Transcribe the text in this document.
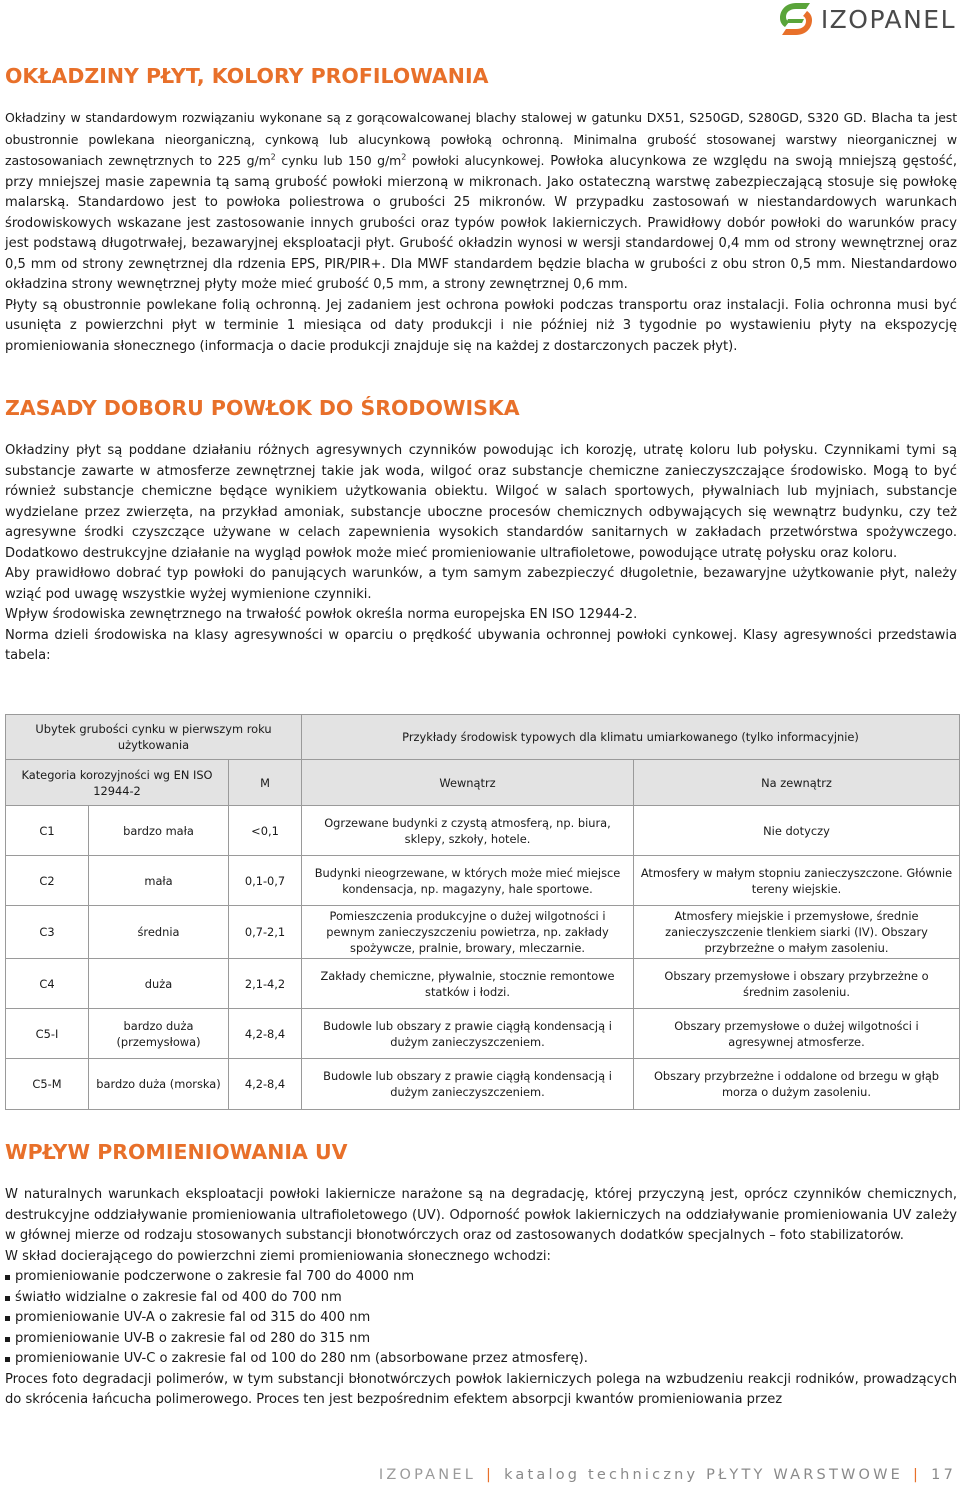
IZOPANEL
OKŁADZINY PŁYT, KOLORY PROFILOWANIA

Okładziny w standardowym rozwiązaniu wykonane są z gorącowalcowanej blachy stalowej w gatunku DX51, S250GD, S280GD, S320 GD. Blacha ta jest obustronnie powlekana nieorganiczną, cynkową lub alucynkową powłoką ochronną. Minimalna grubość stosowanej warstwy nieorganicznej w zastosowaniach zewnętrznych to 225 $g/m^2$ cynku lub 150 $g/m^2$ powłoki alucynkowej. Powłoka alucynkowa ze względu na swoją mniejszą gęstość, przy mniejszej masie zapewnia tą samą grubość powłoki mierzoną w mikronach. Jako ostateczną warstwę zabezpieczającą stosuje się powłokę malarską. Standardowo jest to powłoka poliestrowa o grubości 25 mikronów. W przypadku zastosowań w niestandardowych warunkach środowiskowych wskazane jest zastosowanie innych grubości oraz typów powłok lakierniczych. Prawidłowy dobór powłoki do warunków pracy jest podstawą długotrwałej, bezawaryjnej eksploatacji płyt. Grubość okładzin wynosi w wersji standardowej 0,4 mm od strony wewnętrznej oraz 0,5 mm od strony zewnętrznej dla rdzenia EPS, PIR/PIR+. Dla MWF standardem będzie blacha w grubości z obu stron 0,5 mm. Niestandardowo okładzina strony wewnętrznej płyty może mieć grubość 0,5 mm, a strony zewnętrznej 0,6 mm.

Płyty są obustronnie powlekane folią ochronną. Jej zadaniem jest ochrona powłoki podczas transportu oraz instalacji. Folia ochronna musi być usunięta z powierzchni płyt w terminie 1 miesiąca od daty produkcji i nie później niż 3 tygodnie po wystawieniu płyty na ekspozycję promieniowania słonecznego (informacja o dacie produkcji znajduje się na każdej z dostarczonych paczek płyt).

ZASADY DOBORU POWŁOK DO ŚRODOWISKA

Okładziny płyt są poddane działaniu różnych agresywnych czynników powodując ich korozję, utratę koloru lub połysku. Czynnikami tymi są substancje zawarte w atmosferze zewnętrznej takie jak woda, wilgoć oraz substancje chemiczne zanieczyszczające środowisko. Mogą to być również substancje chemiczne będące wynikiem użytkowania obiektu. Wilgoć w salach sportowych, pływalniach lub myjniach, substancje wydzielane przez zwierzęta, na przykład amoniak, substancje uboczne procesów chemicznych odbywających się wewnątrz budynku, czy też agresywne środki czyszczące używane w celach zapewnienia wysokich standardów sanitarnych w zakładach przetwórstwa spożywczego. Dodatkowo destrukcyjne działanie na wygląd powłok może mieć promieniowanie ultrafioletowe, powodujące utratę połysku oraz koloru.

Aby prawidłowo dobrać typ powłoki do panujących warunków, a tym samym zabezpieczyć długoletnie, bezawaryjne użytkowanie płyt, należy wziąć pod uwagę wszystkie wyżej wymienione czynniki.

Wpływ środowiska zewnętrznego na trwałość powłok określa norma europejska EN ISO 12944-2.

Norma dzieli środowiska na klasy agresywności w oparciu o prędkość ubywania ochronnej powłoki cynkowej. Klasy agresywności przedstawia tabela:

Ubytek grubości cynku w pierwszym roku użytkowania			Przykłady środowisk typowych dla klimatu umiarkowanego (tylko informacyjnie)	
Kategoria korozyjności wg EN ISO 12944-2		M	Wewnątrz	Na zewnątrz
C1	bardzo mała	<0,1	Ogrzewane budynki z czystą atmosferą, np. biura, sklepy, szkoły, hotele.	Nie dotyczy
C2	mała	0,1-0,7	Budynki nieogrzewane, w których może mieć miejsce kondensacja, np. magazyny, hale sportowe.	Atmosfery w małym stopniu zanieczyszczone. Głównie tereny wiejskie.
C3	średnia	0,7-2,1	Pomieszczenia produkcyjne o dużej wilgotności i pewnym zanieczyszczeniu powietrza, np. zakłady spożywcze, pralnie, browary, mleczarnie.	Atmosfery miejskie i przemysłowe, średnie zanieczyszczenie tlenkiem siarki (IV). Obszary przybrzeżne o małym zasoleniu.
C4	duża	2,1-4,2	Zakłady chemiczne, pływalnie, stocznie remontowe statków i łodzi.	Obszary przemysłowe i obszary przybrzeżne o średnim zasoleniu.
C5-I	bardzo duża (przemysłowa)	4,2-8,4	Budowle lub obszary z prawie ciągłą kondensacją i dużym zanieczyszczeniem.	Obszary przemysłowe o dużej wilgotności i agresywnej atmosferze.
C5-M	bardzo duża (morska)	4,2-8,4	Budowle lub obszary z prawie ciągłą kondensacją i dużym zanieczyszczeniem.	Obszary przybrzeżne i oddalone od brzegu w głąb morza o dużym zasoleniu.
WPŁYW PROMIENIOWANIA UV

W naturalnych warunkach eksploatacji powłoki lakiernicze narażone są na degradację, której przyczyną jest, oprócz czynników chemicznych, destrukcyjne oddziaływanie promieniowania ultrafioletowego (UV). Odporność powłok lakierniczych na oddziaływanie promieniowania UV zależy w głównej mierze od rodzaju stosowanych substancji błonotwórczych oraz od zastosowanych dodatków specjalnych – foto stabilizatorów.

W skład docierającego do powierzchni ziemi promieniowania słonecznego wchodzi:

promieniowanie podczerwone o zakresie fal 700 do 4000 nm
światło widzialne o zakresie fal od 400 do 700 nm
promieniowanie UV-A o zakresie fal od 315 do 400 nm
promieniowanie UV-B o zakresie fal od 280 do 315 nm
promieniowanie UV-C o zakresie fal od 100 do 280 nm (absorbowane przez atmosferę).

Proces foto degradacji polimerów, w tym substancji błonotwórczych powłok lakierniczych polega na wzbudzeniu reakcji rodników, prowadzących do skrócenia łańcucha polimerowego. Proces ten jest bezpośrednim efektem absorpcji kwantów promieniowania przez

IZOPANEL | katalog techniczny PŁYTY WARSTWOWE | 17
